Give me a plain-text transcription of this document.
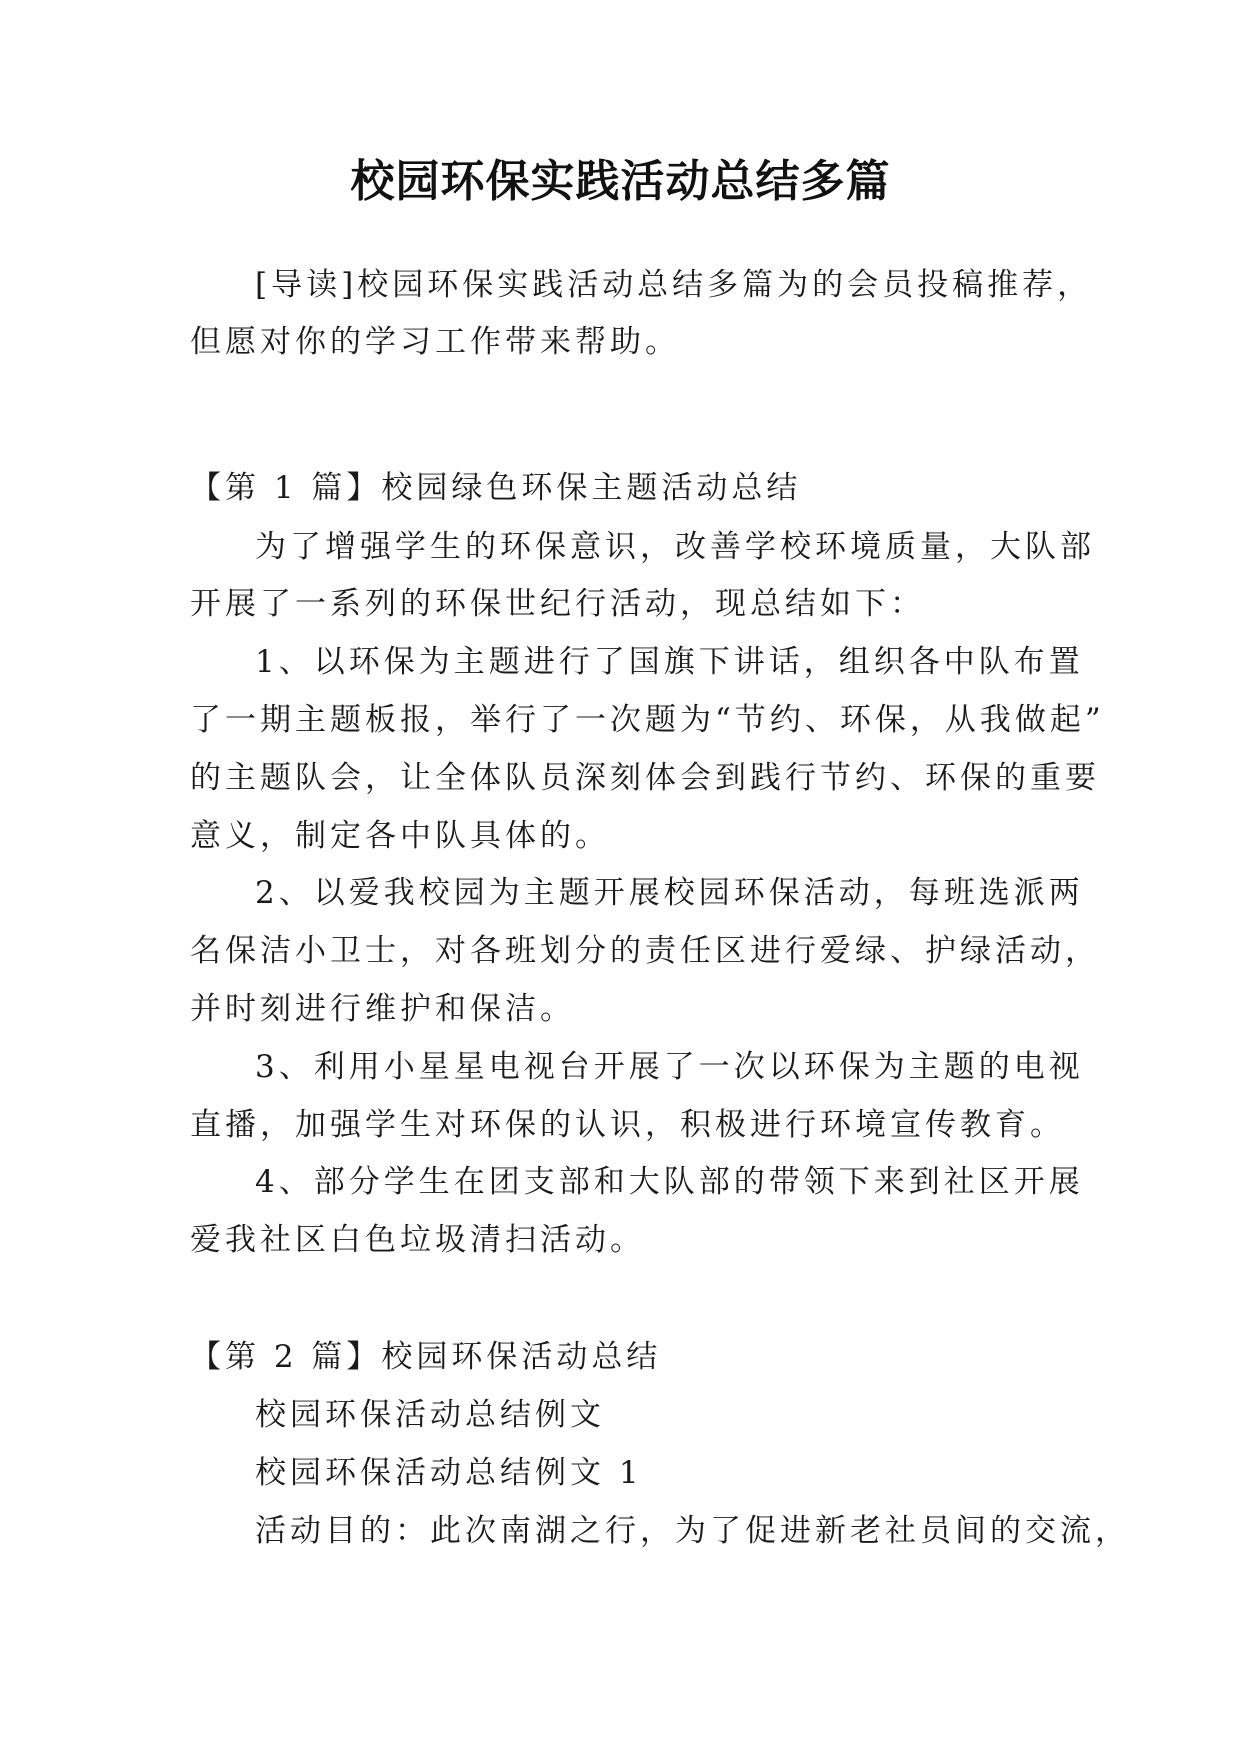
校园环保实践活动总结多篇
[导读]校园环保实践活动总结多篇为的会员投稿推荐，
但愿对你的学习工作带来帮助。
【第 1 篇】校园绿色环保主题活动总结
为了增强学生的环保意识，改善学校环境质量，大队部
开展了一系列的环保世纪行活动，现总结如下：
1、以环保为主题进行了国旗下讲话，组织各中队布置
了一期主题板报，举行了一次题为“节约、环保，从我做起”
的主题队会，让全体队员深刻体会到践行节约、环保的重要
意义，制定各中队具体的。
2、以爱我校园为主题开展校园环保活动，每班选派两
名保洁小卫士，对各班划分的责任区进行爱绿、护绿活动，
并时刻进行维护和保洁。
3、利用小星星电视台开展了一次以环保为主题的电视
直播，加强学生对环保的认识，积极进行环境宣传教育。
4、部分学生在团支部和大队部的带领下来到社区开展
爱我社区白色垃圾清扫活动。
【第 2 篇】校园环保活动总结
校园环保活动总结例文
校园环保活动总结例文 1
活动目的：此次南湖之行，为了促进新老社员间的交流，
